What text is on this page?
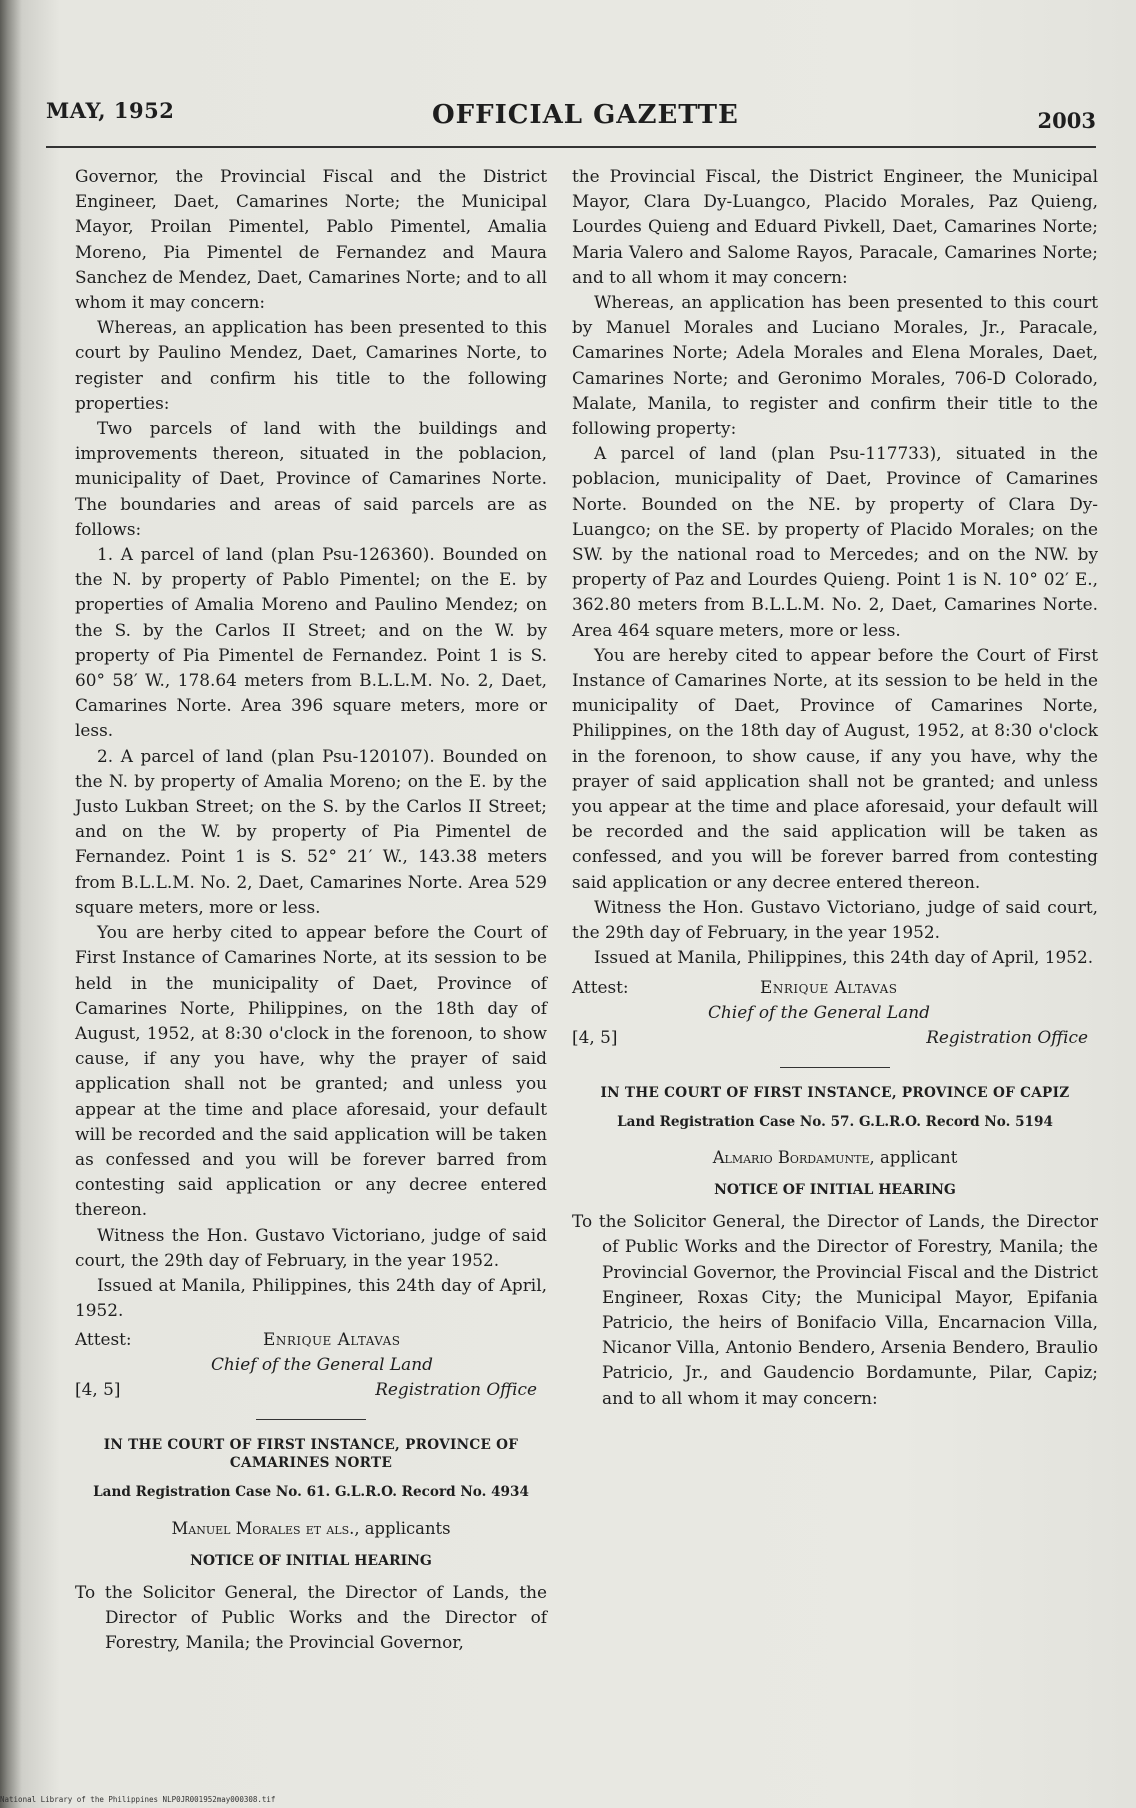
MAY, 1952	OFFICIAL GAZETTE	2003

Governor, the Provincial Fiscal and the District Engineer, Daet, Camarines Norte; the Municipal Mayor, Proilan Pimentel, Pablo Pimentel, Amalia Moreno, Pia Pimentel de Fernandez and Maura Sanchez de Mendez, Daet, Camarines Norte; and to all whom it may concern:

Whereas, an application has been presented to this court by Paulino Mendez, Daet, Camarines Norte, to register and confirm his title to the following properties:

Two parcels of land with the buildings and improvements thereon, situated in the poblacion, municipality of Daet, Province of Camarines Norte. The boundaries and areas of said parcels are as follows:

1. A parcel of land (plan Psu-126360). Bounded on the N. by property of Pablo Pimentel; on the E. by properties of Amalia Moreno and Paulino Mendez; on the S. by the Carlos II Street; and on the W. by property of Pia Pimentel de Fernandez. Point 1 is S. 60° 58′ W., 178.64 meters from B.L.L.M. No. 2, Daet, Camarines Norte. Area 396 square meters, more or less.

2. A parcel of land (plan Psu-120107). Bounded on the N. by property of Amalia Moreno; on the E. by the Justo Lukban Street; on the S. by the Carlos II Street; and on the W. by property of Pia Pimentel de Fernandez. Point 1 is S. 52° 21′ W., 143.38 meters from B.L.L.M. No. 2, Daet, Camarines Norte. Area 529 square meters, more or less.

You are herby cited to appear before the Court of First Instance of Camarines Norte, at its session to be held in the municipality of Daet, Province of Camarines Norte, Philippines, on the 18th day of August, 1952, at 8:30 o'clock in the forenoon, to show cause, if any you have, why the prayer of said application shall not be granted; and unless you appear at the time and place aforesaid, your default will be recorded and the said application will be taken as confessed and you will be forever barred from contesting said application or any decree entered thereon.

Witness the Hon. Gustavo Victoriano, judge of said court, the 29th day of February, in the year 1952.

Issued at Manila, Philippines, this 24th day of April, 1952.

Attest:	Enrique Altavas
Chief of the General Land
[4, 5]	Registration Office
IN THE COURT OF FIRST INSTANCE, PROVINCE OF CAMARINES NORTE
Land Registration Case No. 61. G.L.R.O. Record No. 4934
Manuel Morales et als., applicants
NOTICE OF INITIAL HEARING

To the Solicitor General, the Director of Lands, the Director of Public Works and the Director of Forestry, Manila; the Provincial Governor,

the Provincial Fiscal, the District Engineer, the Municipal Mayor, Clara Dy-Luangco, Placido Morales, Paz Quieng, Lourdes Quieng and Eduard Pivkell, Daet, Camarines Norte; Maria Valero and Salome Rayos, Paracale, Camarines Norte; and to all whom it may concern:

Whereas, an application has been presented to this court by Manuel Morales and Luciano Morales, Jr., Paracale, Camarines Norte; Adela Morales and Elena Morales, Daet, Camarines Norte; and Geronimo Morales, 706-D Colorado, Malate, Manila, to register and confirm their title to the following property:

A parcel of land (plan Psu-117733), situated in the poblacion, municipality of Daet, Province of Camarines Norte. Bounded on the NE. by property of Clara Dy-Luangco; on the SE. by property of Placido Morales; on the SW. by the national road to Mercedes; and on the NW. by property of Paz and Lourdes Quieng. Point 1 is N. 10° 02′ E., 362.80 meters from B.L.L.M. No. 2, Daet, Camarines Norte. Area 464 square meters, more or less.

You are hereby cited to appear before the Court of First Instance of Camarines Norte, at its session to be held in the municipality of Daet, Province of Camarines Norte, Philippines, on the 18th day of August, 1952, at 8:30 o'clock in the forenoon, to show cause, if any you have, why the prayer of said application shall not be granted; and unless you appear at the time and place aforesaid, your default will be recorded and the said application will be taken as confessed, and you will be forever barred from contesting said application or any decree entered thereon.

Witness the Hon. Gustavo Victoriano, judge of said court, the 29th day of February, in the year 1952.

Issued at Manila, Philippines, this 24th day of April, 1952.

Attest:	Enrique Altavas
Chief of the General Land
[4, 5]	Registration Office
IN THE COURT OF FIRST INSTANCE, PROVINCE OF CAPIZ
Land Registration Case No. 57. G.L.R.O. Record No. 5194
Almario Bordamunte, applicant
NOTICE OF INITIAL HEARING

To the Solicitor General, the Director of Lands, the Director of Public Works and the Director of Forestry, Manila; the Provincial Governor, the Provincial Fiscal and the District Engineer, Roxas City; the Municipal Mayor, Epifania Patricio, the heirs of Bonifacio Villa, Encarnacion Villa, Nicanor Villa, Antonio Bendero, Arsenia Bendero, Braulio Patricio, Jr., and Gaudencio Bordamunte, Pilar, Capiz; and to all whom it may concern:

National Library of the Philippines NLP0JR001952may000308.tif
